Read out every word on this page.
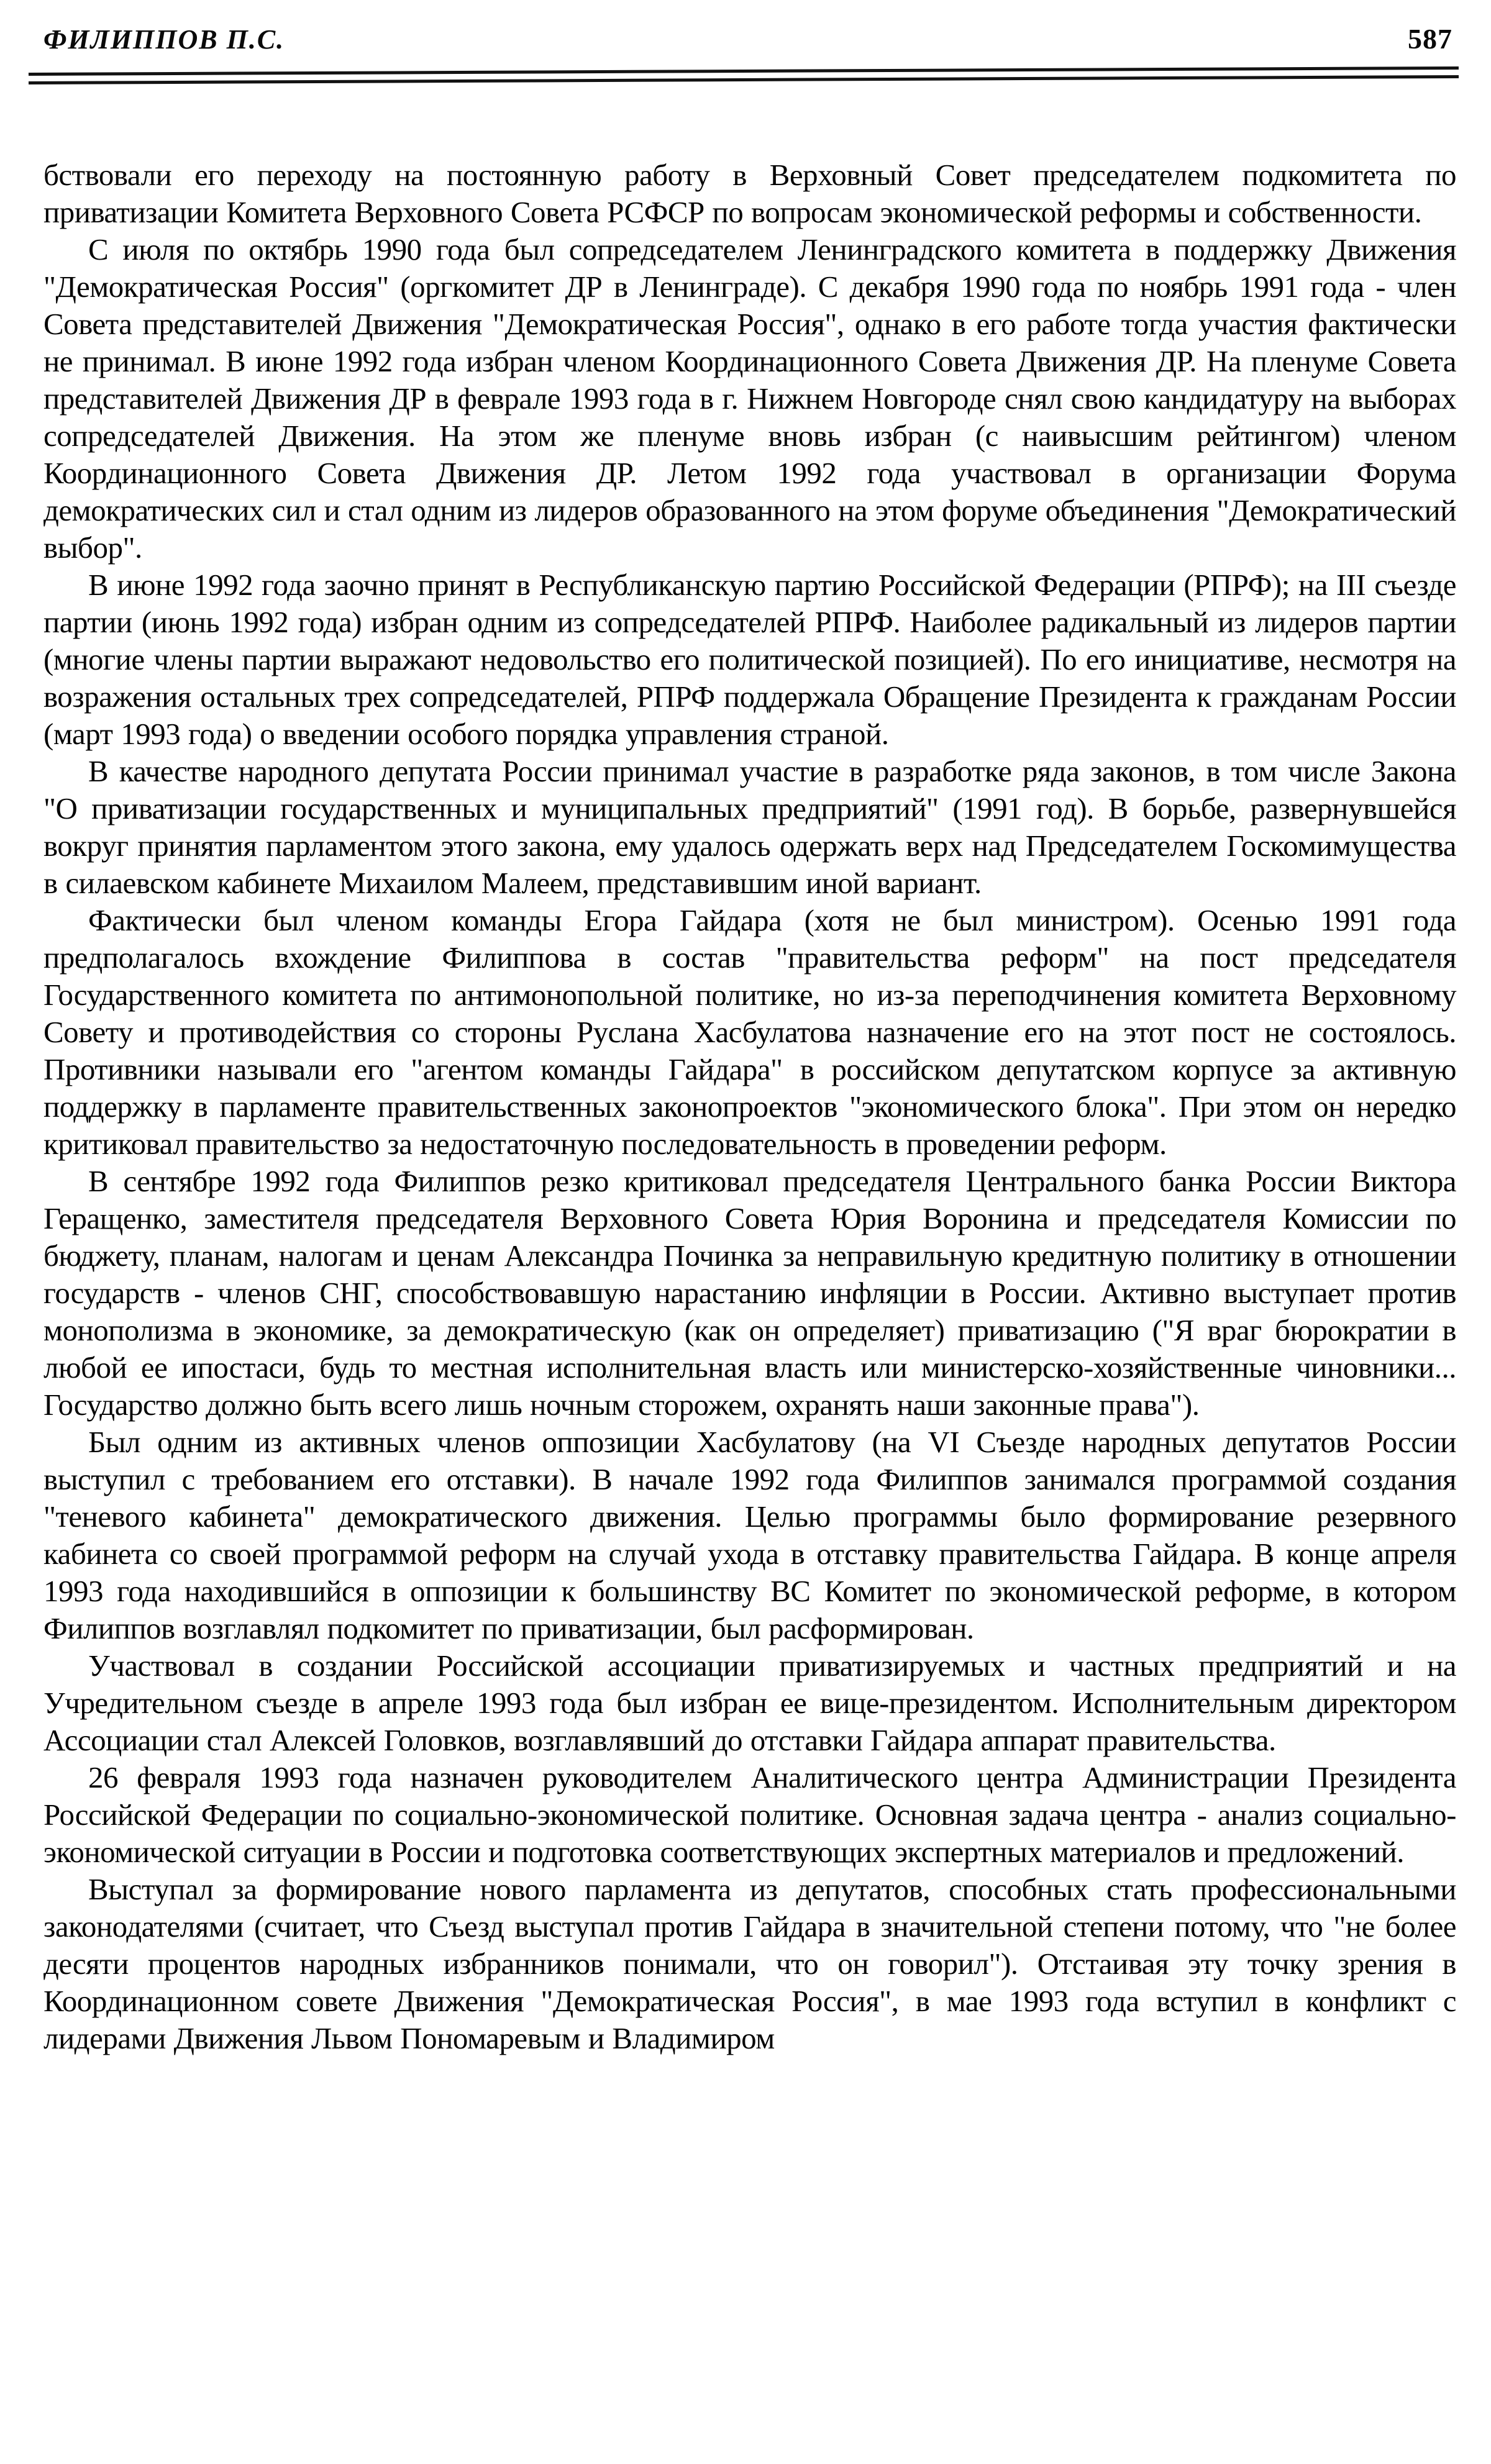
ФИЛИППОВ П.С.	587

бствовали его переходу на постоянную работу в Верховный Совет председателем подкомитета по приватизации Комитета Верховного Совета РСФСР по вопросам экономической реформы и собственности.

С июля по октябрь 1990 года был сопредседателем Ленинградского комитета в поддержку Движения "Демократическая Россия" (оргкомитет ДР в Ленинграде). С декабря 1990 года по ноябрь 1991 года - член Совета представителей Движения "Демократическая Россия", однако в его работе тогда участия фактически не принимал. В июне 1992 года избран членом Координационного Совета Движения ДР. На пленуме Совета представителей Движения ДР в феврале 1993 года в г. Нижнем Новгороде снял свою кандидатуру на выборах сопредседателей Движения. На этом же пленуме вновь избран (с наивысшим рейтингом) членом Координационного Совета Движения ДР. Летом 1992 года участвовал в организации Форума демократических сил и стал одним из лидеров образованного на этом форуме объединения "Демократический выбор".

В июне 1992 года заочно принят в Республиканскую партию Российской Федерации (РПРФ); на III съезде партии (июнь 1992 года) избран одним из сопредседателей РПРФ. Наиболее радикальный из лидеров партии (многие члены партии выражают недовольство его политической позицией). По его инициативе, несмотря на возражения остальных трех сопредседателей, РПРФ поддержала Обращение Президента к гражданам России (март 1993 года) о введении особого порядка управления страной.

В качестве народного депутата России принимал участие в разработке ряда законов, в том числе Закона "О приватизации государственных и муниципальных предприятий" (1991 год). В борьбе, развернувшейся вокруг принятия парламентом этого закона, ему удалось одержать верх над Председателем Госкомимущества в силаевском кабинете Михаилом Малеем, представившим иной вариант.

Фактически был членом команды Егора Гайдара (хотя не был министром). Осенью 1991 года предполагалось вхождение Филиппова в состав "правительства реформ" на пост председателя Государственного комитета по антимонопольной политике, но из-за переподчинения комитета Верховному Совету и противодействия со стороны Руслана Хасбулатова назначение его на этот пост не состоялось. Противники называли его "агентом команды Гайдара" в российском депутатском корпусе за активную поддержку в парламенте правительственных законопроектов "экономического блока". При этом он нередко критиковал правительство за недостаточную последовательность в проведении реформ.

В сентябре 1992 года Филиппов резко критиковал председателя Центрального банка России Виктора Геращенко, заместителя председателя Верховного Совета Юрия Воронина и председателя Комиссии по бюджету, планам, налогам и ценам Александра Починка за неправильную кредитную политику в отношении государств - членов СНГ, способствовавшую нарастанию инфляции в России. Активно выступает против монополизма в экономике, за демократическую (как он определяет) приватизацию ("Я враг бюрократии в любой ее ипостаси, будь то местная исполнительная власть или министерско-хозяйственные чиновники... Государство должно быть всего лишь ночным сторожем, охранять наши законные права").

Был одним из активных членов оппозиции Хасбулатову (на VI Съезде народных депутатов России выступил с требованием его отставки). В начале 1992 года Филиппов занимался программой создания "теневого кабинета" демократического движения. Целью программы было формирование резервного кабинета со своей программой реформ на случай ухода в отставку правительства Гайдара. В конце апреля 1993 года находившийся в оппозиции к большинству ВС Комитет по экономической реформе, в котором Филиппов возглавлял подкомитет по приватизации, был расформирован.

Участвовал в создании Российской ассоциации приватизируемых и частных предприятий и на Учредительном съезде в апреле 1993 года был избран ее вице-президентом. Исполнительным директором Ассоциации стал Алексей Головков, возглавлявший до отставки Гайдара аппарат правительства.

26 февраля 1993 года назначен руководителем Аналитического центра Администрации Президента Российской Федерации по социально-экономической политике. Основная задача центра - анализ социально-экономической ситуации в России и подготовка соответствующих экспертных материалов и предложений.

Выступал за формирование нового парламента из депутатов, способных стать профессиональными законодателями (считает, что Съезд выступал против Гайдара в значительной степени потому, что "не более десяти процентов народных избранников понимали, что он говорил"). Отстаивая эту точку зрения в Координационном совете Движения "Демократическая Россия", в мае 1993 года вступил в конфликт с лидерами Движения Львом Пономаревым и Владимиром
